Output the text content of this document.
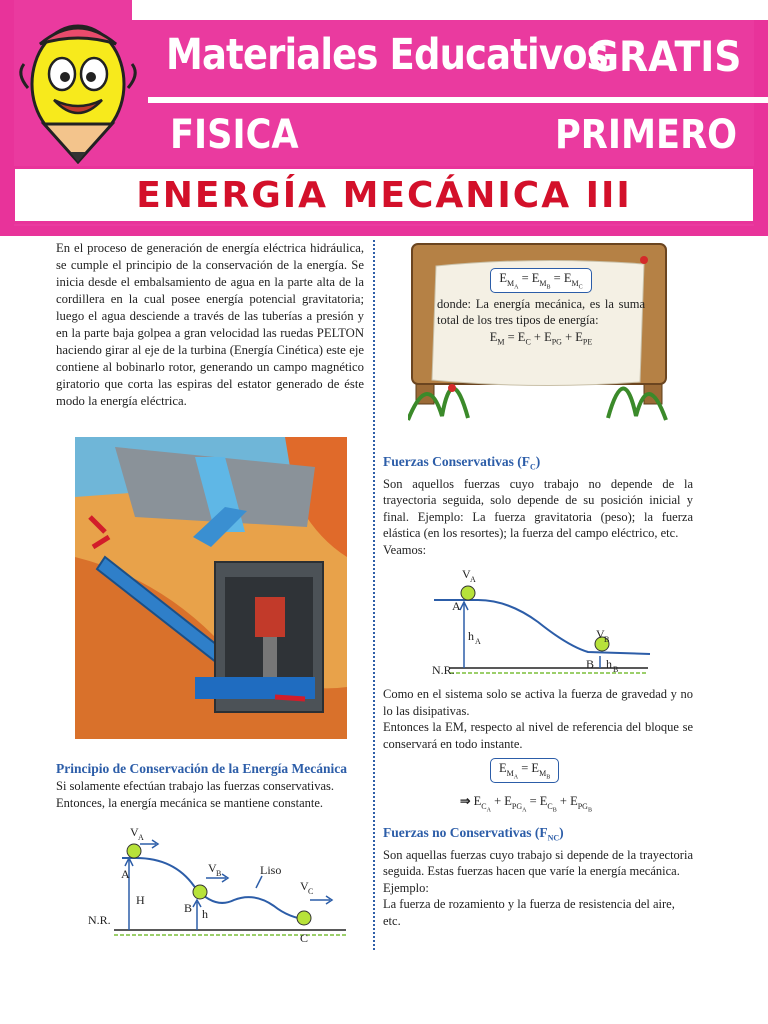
Materiales Educativos
GRATIS
FISICA	PRIMERO
ENERGÍA MECÁNICA III

En el proceso de generación de energía eléctrica hidráulica, se cumple el principio de la conservación de la energía. Se inicia desde el embalsamiento de agua en la parte alta de la cordillera en la cual posee energía potencial gravitatoria; luego el agua desciende a través de las tuberías a presión y en la parte baja golpea a gran velocidad las ruedas PELTON haciendo girar al eje de la turbina (Energía Cinética) este eje contiene al bobinarlo rotor, generando un campo magnético giratorio que corta las espiras del estator generado de éste modo la energía eléctrica.

Principio de Conservación de la Energía Mecánica

Si solamente efectúan trabajo las fuerzas conservativas. Entonces, la energía mecánica se mantiene constante.

V A
A
H
V B
B h
Liso
V C
C
N.R.
$E_{M_A} = E_{M_B} = E_{M_C}$

donde: La energía mecánica, es la suma total de los tres tipos de energía:

$E_M = E_C + E_{PG} + E_{PE}$
Fuerzas Conservativas $(F_C)$

Son aquellos fuerzas cuyo trabajo no depende de la trayectoria seguida, solo depende de su posición inicial y final. Ejemplo: La fuerza gravitatoria (peso); la fuerza elástica (en los resortes); la fuerza del campo eléctrico, etc.

Veamos:

V A
A
h A
V B
B h B
N.R.

Como en el sistema solo se activa la fuerza de gravedad y no lo las disipativas.

Entonces la EM, respecto al nivel de referencia del bloque se conservará en todo instante.

$E_{M_A} = E_{M_B}$
⇒ $E_{C_A} + E_{PG_A} = E_{C_B} + E_{PG_B}$
Fuerzas no Conservativas $(F_{NC})$

Son aquellas fuerzas cuyo trabajo si depende de la trayectoria seguida. Estas fuerzas hacen que varíe la energía mecánica.

Ejemplo:

La fuerza de rozamiento y la fuerza de resistencia del aire, etc.
